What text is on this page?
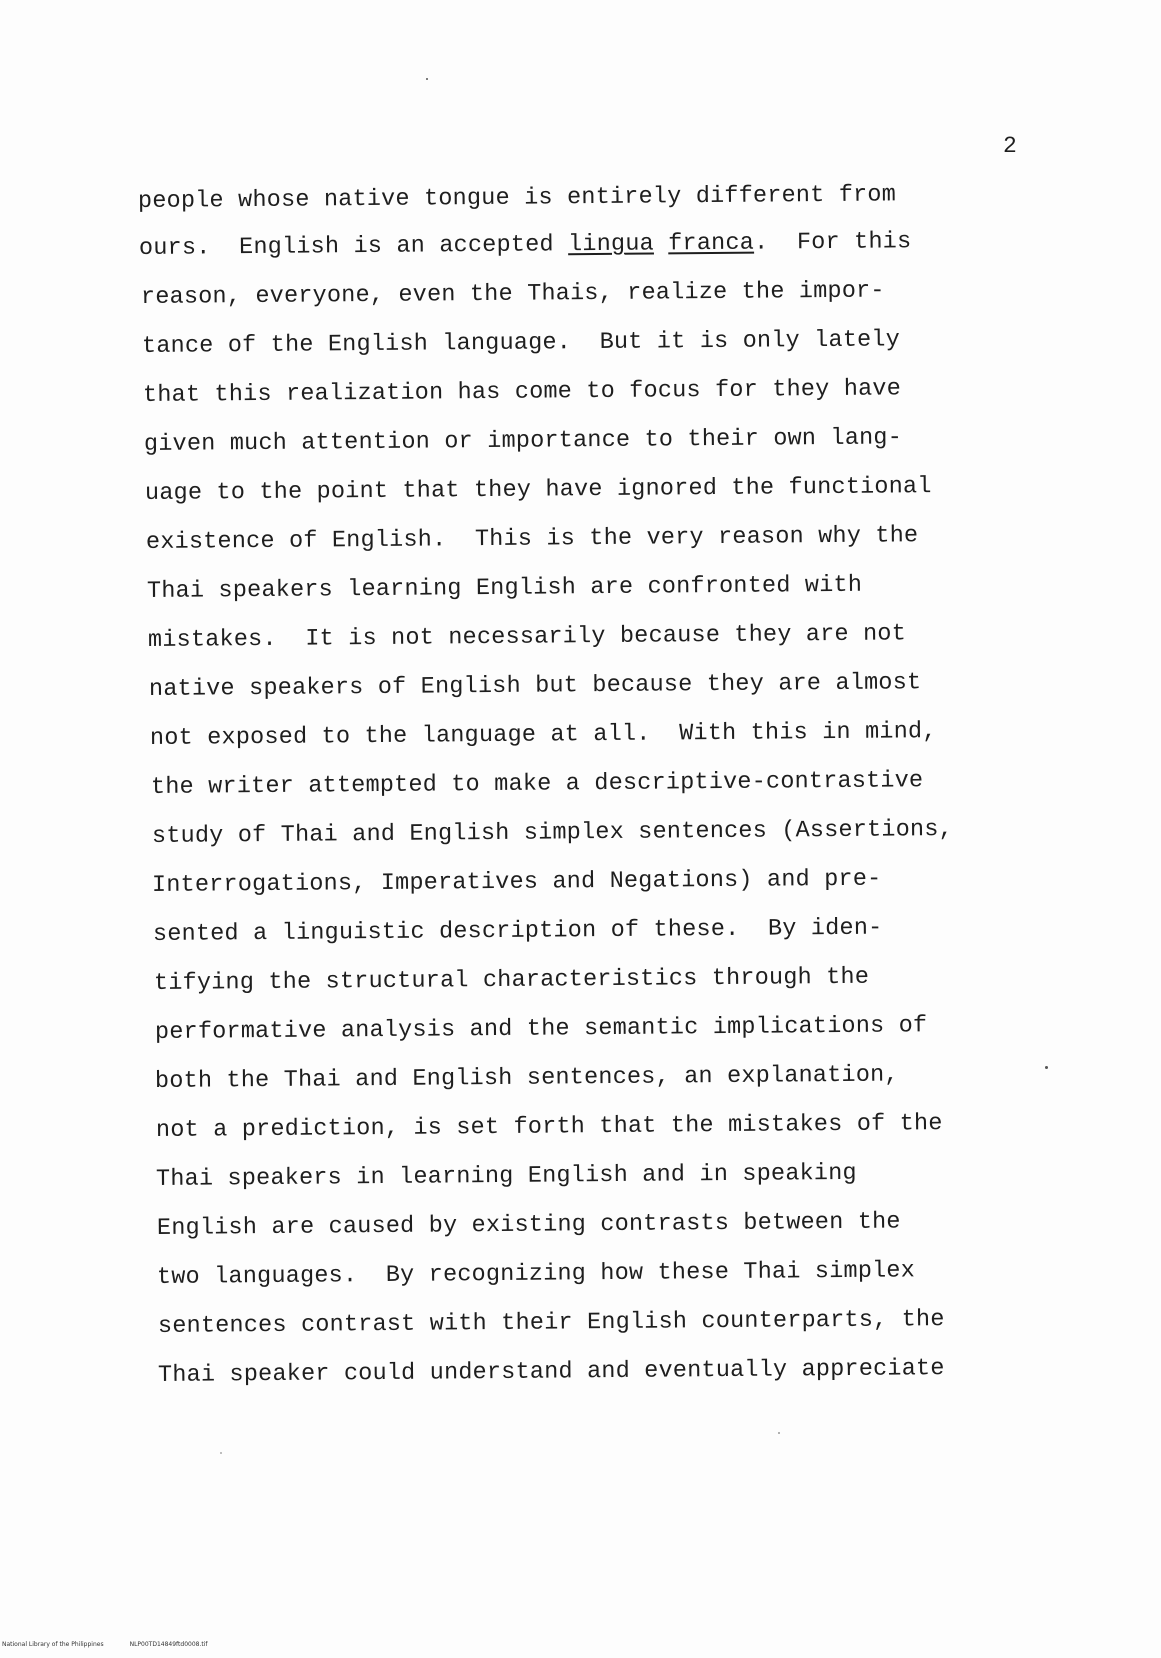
2
people whose native tongue is entirely different from
ours.  English is an accepted lingua franca.  For this
reason, everyone, even the Thais, realize the impor-
tance of the English language.  But it is only lately
that this realization has come to focus for they have
given much attention or importance to their own lang-
uage to the point that they have ignored the functional
existence of English.  This is the very reason why the
Thai speakers learning English are confronted with
mistakes.  It is not necessarily because they are not
native speakers of English but because they are almost
not exposed to the language at all.  With this in mind,
the writer attempted to make a descriptive-contrastive
study of Thai and English simplex sentences (Assertions,
Interrogations, Imperatives and Negations) and pre-
sented a linguistic description of these.  By iden-
tifying the structural characteristics through the
performative analysis and the semantic implications of
both the Thai and English sentences, an explanation,
not a prediction, is set forth that the mistakes of the
Thai speakers in learning English and in speaking
English are caused by existing contrasts between the
two languages.  By recognizing how these Thai simplex
sentences contrast with their English counterparts, the
Thai speaker could understand and eventually appreciate
National Library of the Philippines	NLP00TD14849ftd0008.tif
